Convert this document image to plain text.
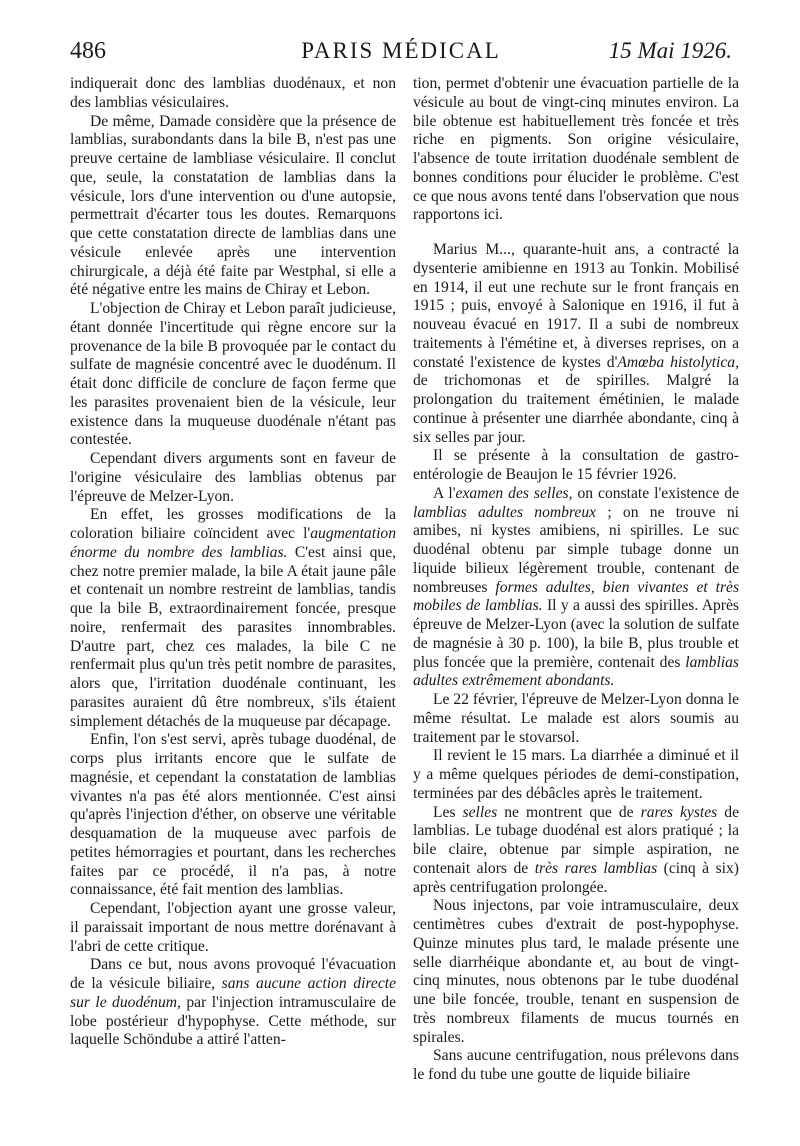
486	PARIS MÉDICAL	15 Mai 1926.

indiquerait donc des lamblias duodénaux, et non des lamblias vésiculaires.

De même, Damade considère que la présence de lamblias, surabondants dans la bile B, n'est pas une preuve certaine de lambliase vésiculaire. Il conclut que, seule, la constatation de lamblias dans la vésicule, lors d'une intervention ou d'une autopsie, permettrait d'écarter tous les doutes. Remarquons que cette constatation directe de lamblias dans une vésicule enlevée après une intervention chirurgicale, a déjà été faite par Westphal, si elle a été négative entre les mains de Chiray et Lebon.

L'objection de Chiray et Lebon paraît judicieuse, étant donnée l'incertitude qui règne encore sur la provenance de la bile B provoquée par le contact du sulfate de magnésie concentré avec le duodénum. Il était donc difficile de conclure de façon ferme que les parasites provenaient bien de la vésicule, leur existence dans la muqueuse duodénale n'étant pas contestée.

Cependant divers arguments sont en faveur de l'origine vésiculaire des lamblias obtenus par l'épreuve de Melzer-Lyon.

En effet, les grosses modifications de la coloration biliaire coïncident avec l'augmentation énorme du nombre des lamblias. C'est ainsi que, chez notre premier malade, la bile A était jaune pâle et contenait un nombre restreint de lamblias, tandis que la bile B, extraordinairement foncée, presque noire, renfermait des parasites innombrables. D'autre part, chez ces malades, la bile C ne renfermait plus qu'un très petit nombre de parasites, alors que, l'irritation duodénale continuant, les parasites auraient dû être nombreux, s'ils étaient simplement détachés de la muqueuse par décapage.

Enfin, l'on s'est servi, après tubage duodénal, de corps plus irritants encore que le sulfate de magnésie, et cependant la constatation de lamblias vivantes n'a pas été alors mentionnée. C'est ainsi qu'après l'injection d'éther, on observe une véritable desquamation de la muqueuse avec parfois de petites hémorragies et pourtant, dans les recherches faites par ce procédé, il n'a pas, à notre connaissance, été fait mention des lamblias.

Cependant, l'objection ayant une grosse valeur, il paraissait important de nous mettre dorénavant à l'abri de cette critique.

Dans ce but, nous avons provoqué l'évacuation de la vésicule biliaire, sans aucune action directe sur le duodénum, par l'injection intramusculaire de lobe postérieur d'hypophyse. Cette méthode, sur laquelle Schöndube a attiré l'atten-

tion, permet d'obtenir une évacuation partielle de la vésicule au bout de vingt-cinq minutes environ. La bile obtenue est habituellement très foncée et très riche en pigments. Son origine vésiculaire, l'absence de toute irritation duodénale semblent de bonnes conditions pour élucider le problème. C'est ce que nous avons tenté dans l'observation que nous rapportons ici.

Marius M..., quarante-huit ans, a contracté la dysenterie amibienne en 1913 au Tonkin. Mobilisé en 1914, il eut une rechute sur le front français en 1915 ; puis, envoyé à Salonique en 1916, il fut à nouveau évacué en 1917. Il a subi de nombreux traitements à l'émétine et, à diverses reprises, on a constaté l'existence de kystes d'Amœba histolytica, de trichomonas et de spirilles. Malgré la prolongation du traitement émétinien, le malade continue à présenter une diarrhée abondante, cinq à six selles par jour.

Il se présente à la consultation de gastro-entérologie de Beaujon le 15 février 1926.

A l'examen des selles, on constate l'existence de lamblias adultes nombreux ; on ne trouve ni amibes, ni kystes amibiens, ni spirilles. Le suc duodénal obtenu par simple tubage donne un liquide bilieux légèrement trouble, contenant de nombreuses formes adultes, bien vivantes et très mobiles de lamblias. Il y a aussi des spirilles. Après épreuve de Melzer-Lyon (avec la solution de sulfate de magnésie à 30 p. 100), la bile B, plus trouble et plus foncée que la première, contenait des lamblias adultes extrêmement abondants.

Le 22 février, l'épreuve de Melzer-Lyon donna le même résultat. Le malade est alors soumis au traitement par le stovarsol.

Il revient le 15 mars. La diarrhée a diminué et il y a même quelques périodes de demi-constipation, terminées par des débâcles après le traitement.

Les selles ne montrent que de rares kystes de lamblias. Le tubage duodénal est alors pratiqué ; la bile claire, obtenue par simple aspiration, ne contenait alors de très rares lamblias (cinq à six) après centrifugation prolongée.

Nous injectons, par voie intramusculaire, deux centimètres cubes d'extrait de post-hypophyse. Quinze minutes plus tard, le malade présente une selle diarrhéique abondante et, au bout de vingt-cinq minutes, nous obtenons par le tube duodénal une bile foncée, trouble, tenant en suspension de très nombreux filaments de mucus tournés en spirales.

Sans aucune centrifugation, nous prélevons dans le fond du tube une goutte de liquide biliaire
